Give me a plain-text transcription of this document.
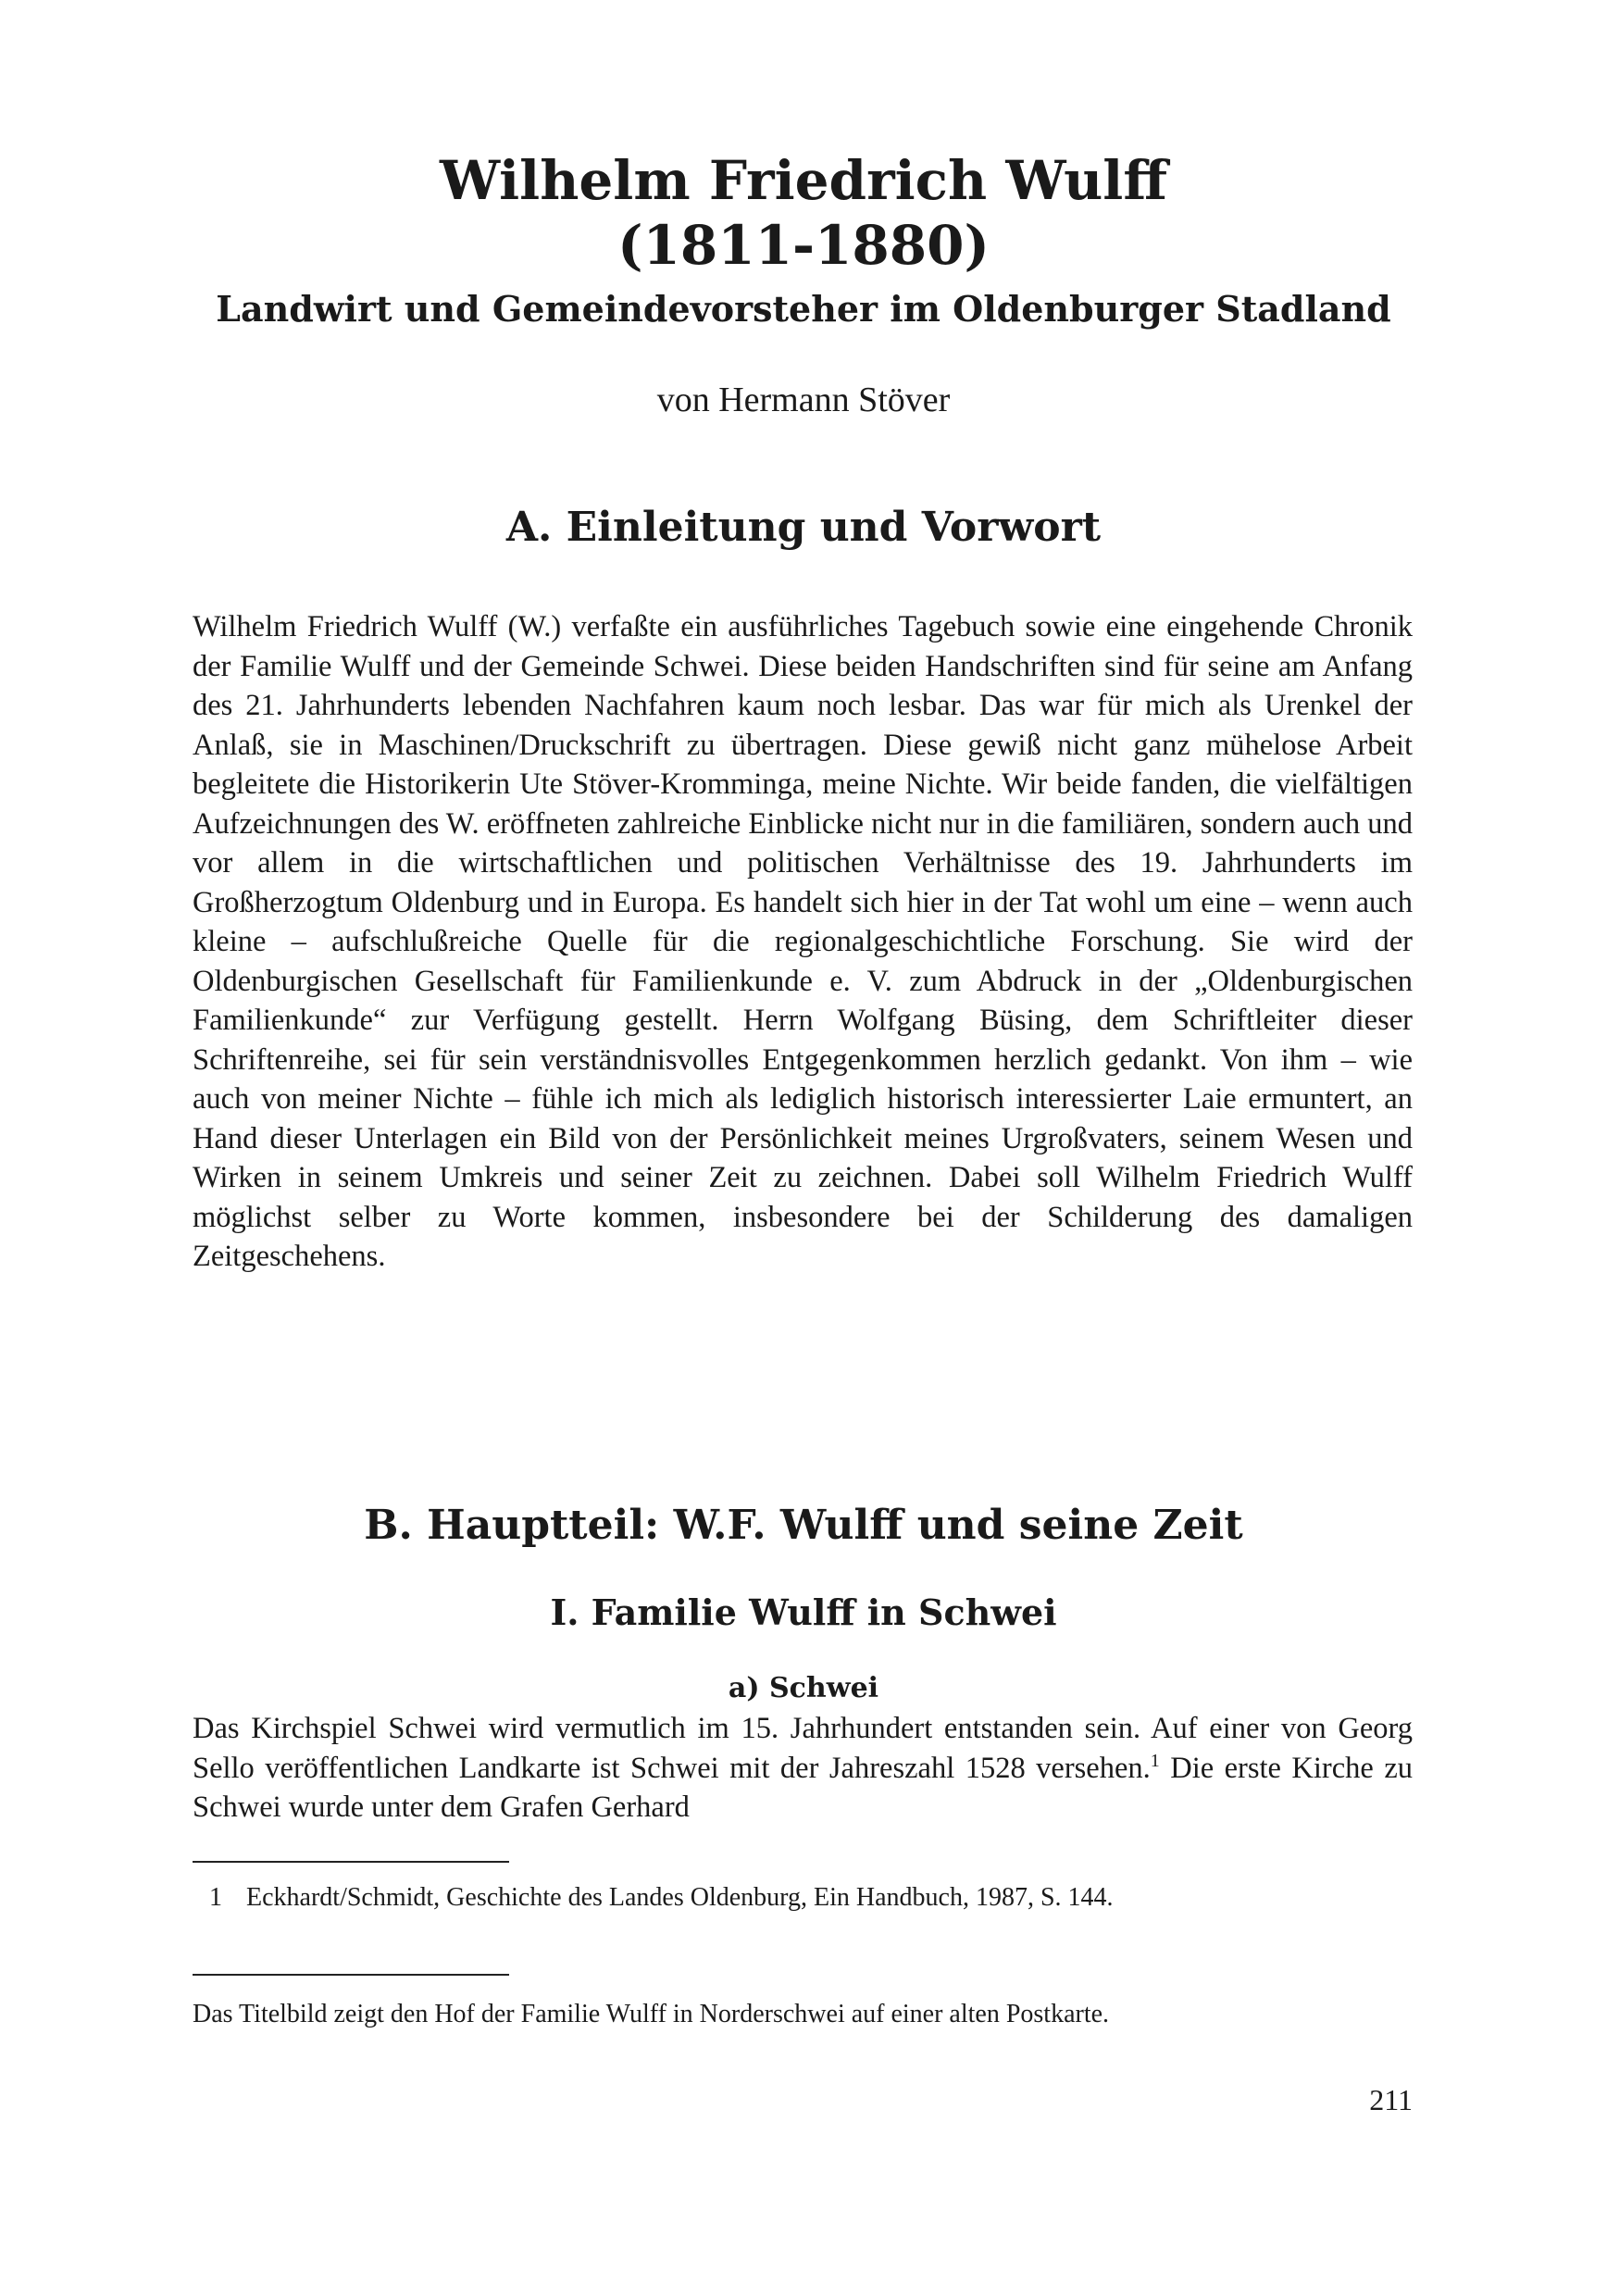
Wilhelm Friedrich Wulff
(1811-1880)
Landwirt und Gemeindevorsteher im Oldenburger Stadland
von Hermann Stöver
A. Einleitung und Vorwort

Wilhelm Friedrich Wulff (W.) verfaßte ein ausführliches Tagebuch sowie eine eingehende Chronik der Familie Wulff und der Gemeinde Schwei. Diese beiden Handschriften sind für seine am Anfang des 21. Jahrhunderts lebenden Nachfahren kaum noch lesbar. Das war für mich als Urenkel der Anlaß, sie in Maschinen/Druckschrift zu übertragen. Diese gewiß nicht ganz mühelose Arbeit begleitete die Historikerin Ute Stöver-Kromminga, meine Nichte. Wir beide fanden, die vielfältigen Aufzeichnungen des W. eröffneten zahlreiche Einblicke nicht nur in die familiären, sondern auch und vor allem in die wirtschaftlichen und politischen Verhältnisse des 19. Jahrhunderts im Großherzogtum Oldenburg und in Europa. Es handelt sich hier in der Tat wohl um eine – wenn auch kleine – aufschlußreiche Quelle für die regionalgeschichtliche Forschung. Sie wird der Oldenburgischen Gesellschaft für Familienkunde e. V. zum Abdruck in der „Oldenburgischen Familienkunde“ zur Verfügung gestellt. Herrn Wolfgang Büsing, dem Schriftleiter dieser Schriftenreihe, sei für sein verständnisvolles Entgegenkommen herzlich gedankt. Von ihm – wie auch von meiner Nichte – fühle ich mich als lediglich historisch interessierter Laie ermuntert, an Hand dieser Unterlagen ein Bild von der Persönlichkeit meines Urgroßvaters, seinem Wesen und Wirken in seinem Umkreis und seiner Zeit zu zeichnen. Dabei soll Wilhelm Friedrich Wulff möglichst selber zu Worte kommen, insbesondere bei der Schilderung des damaligen Zeitgeschehens.

B. Hauptteil: W.F. Wulff und seine Zeit
I. Familie Wulff in Schwei
a) Schwei

Das Kirchspiel Schwei wird vermutlich im 15. Jahrhundert entstanden sein. Auf einer von Georg Sello veröffentlichen Landkarte ist Schwei mit der Jahreszahl 1528 versehen.$^1$ Die erste Kirche zu Schwei wurde unter dem Grafen Gerhard

1 Eckhardt/Schmidt, Geschichte des Landes Oldenburg, Ein Handbuch, 1987, S. 144.

Das Titelbild zeigt den Hof der Familie Wulff in Norderschwei auf einer alten Postkarte.

211
